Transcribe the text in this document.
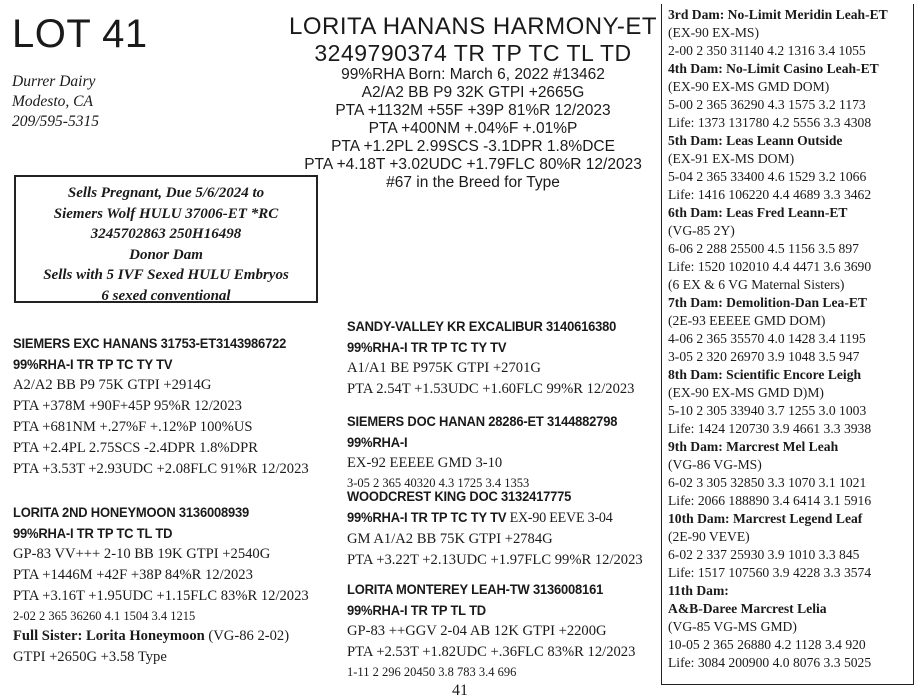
LOT 41
Durrer Dairy
Modesto, CA
209/595-5315
LORITA HANANS HARMONY-ET
3249790374 TR TP TC TL TD
99%RHA Born: March 6, 2022 #13462
A2/A2 BB P9 32K GTPI +2665G
PTA +1132M +55F +39P 81%R 12/2023
PTA +400NM +.04%F +.01%P
PTA +1.2PL 2.99SCS -3.1DPR 1.8%DCE
PTA +4.18T +3.02UDC +1.79FLC 80%R 12/2023
#67 in the Breed for Type
Sells Pregnant, Due 5/6/2024 to
Siemers Wolf HULU 37006-ET *RC
3245702863 250H16498
Donor Dam
Sells with 5 IVF Sexed HULU Embryos
6 sexed conventional
SIEMERS EXC HANANS 31753-ET3143986722
99%RHA-I TR TP TC TY TV
A2/A2 BB P9 75K GTPI +2914G
PTA +378M +90F+45P 95%R 12/2023
PTA +681NM +.27%F +.12%P 100%US
PTA +2.4PL 2.75SCS -2.4DPR 1.8%DPR
PTA +3.53T +2.93UDC +2.08FLC 91%R 12/2023
LORITA 2ND HONEYMOON 3136008939
99%RHA-I TR TP TC TL TD
GP-83 VV+++ 2-10 BB 19K GTPI +2540G
PTA +1446M +42F +38P 84%R 12/2023
PTA +3.16T +1.95UDC +1.15FLC 83%R 12/2023
2-02 2 365 36260 4.1 1504 3.4 1215
Full Sister: Lorita Honeymoon (VG-86 2-02)
GTPI +2650G +3.58 Type
SANDY-VALLEY KR EXCALIBUR 3140616380
99%RHA-I TR TP TC TY TV
A1/A1 BE P975K GTPI +2701G
PTA 2.54T +1.53UDC +1.60FLC 99%R 12/2023
SIEMERS DOC HANAN 28286-ET 3144882798
99%RHA-I
EX-92 EEEEE GMD 3-10
3-05 2 365 40320 4.3 1725 3.4 1353
WOODCREST KING DOC 3132417775
99%RHA-I TR TP TC TY TV EX-90 EEVE 3-04
GM A1/A2 BB 75K GTPI +2784G
PTA +3.22T +2.13UDC +1.97FLC 99%R 12/2023
LORITA MONTEREY LEAH-TW 3136008161
99%RHA-I TR TP TL TD
GP-83 ++GGV 2-04 AB 12K GTPI +2200G
PTA +2.53T +1.82UDC +.36FLC 83%R 12/2023
1-11 2 296 20450 3.8 783 3.4 696
3rd Dam: No-Limit Meridin Leah-ET
(EX-90 EX-MS)
2-00 2 350 31140 4.2 1316 3.4 1055
4th Dam: No-Limit Casino Leah-ET
(EX-90 EX-MS GMD DOM)
5-00 2 365 36290 4.3 1575 3.2 1173
Life: 1373 131780 4.2 5556 3.3 4308
5th Dam: Leas Leann Outside
(EX-91 EX-MS DOM)
5-04 2 365 33400 4.6 1529 3.2 1066
Life: 1416 106220 4.4 4689 3.3 3462
6th Dam: Leas Fred Leann-ET
(VG-85 2Y)
6-06 2 288 25500 4.5 1156 3.5 897
Life: 1520 102010 4.4 4471 3.6 3690
(6 EX & 6 VG Maternal Sisters)
7th Dam: Demolition-Dan Lea-ET
(2E-93 EEEEE GMD DOM)
4-06 2 365 35570 4.0 1428 3.4 1195
3-05 2 320 26970 3.9 1048 3.5 947
8th Dam: Scientific Encore Leigh
(EX-90 EX-MS GMD D)M)
5-10 2 305 33940 3.7 1255 3.0 1003
Life: 1424 120730 3.9 4661 3.3 3938
9th Dam: Marcrest Mel Leah
(VG-86 VG-MS)
6-02 3 305 32850 3.3 1070 3.1 1021
Life: 2066 188890 3.4 6414 3.1 5916
10th Dam: Marcrest Legend Leaf
(2E-90 VEVE)
6-02 2 337 25930 3.9 1010 3.3 845
Life: 1517 107560 3.9 4228 3.3 3574
11th Dam:
A&B-Daree Marcrest Lelia
(VG-85 VG-MS GMD)
10-05 2 365 26880 4.2 1128 3.4 920
Life: 3084 200900 4.0 8076 3.3 5025
41
